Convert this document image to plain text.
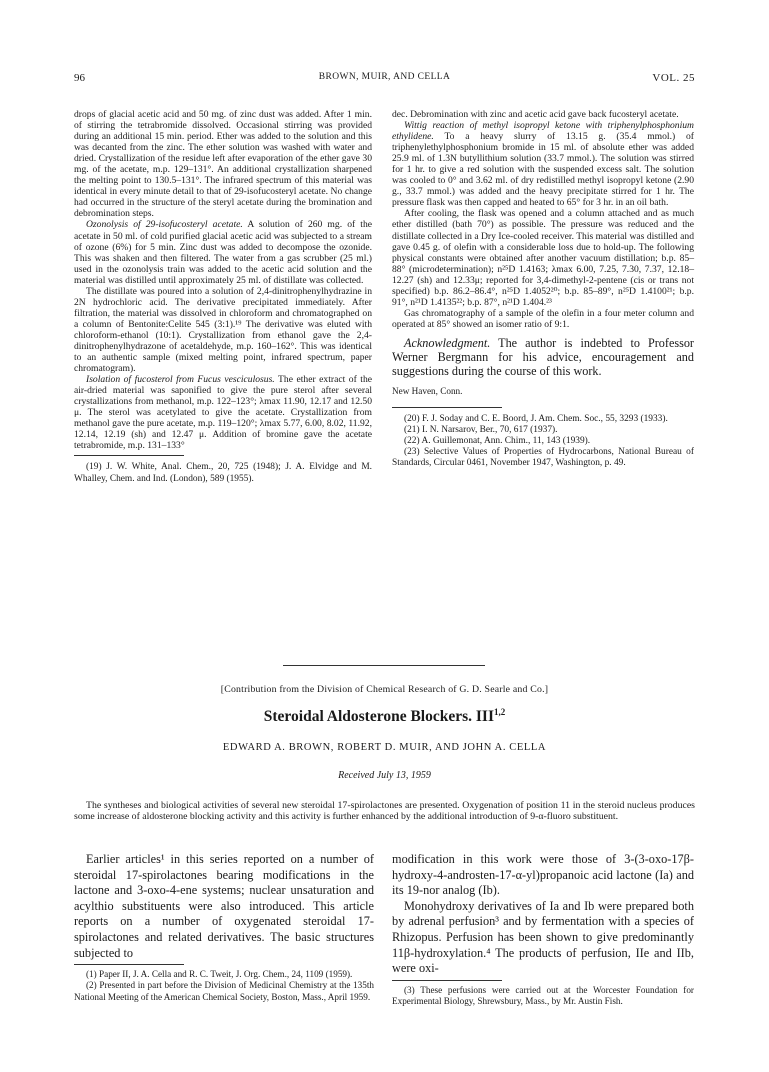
96	BROWN, MUIR, AND CELLA	VOL. 25

drops of glacial acetic acid and 50 mg. of zinc dust was added. After 1 min. of stirring the tetrabromide dissolved. Occasional stirring was provided during an additional 15 min. period. Ether was added to the solution and this was decanted from the zinc. The ether solution was washed with water and dried. Crystallization of the residue left after evaporation of the ether gave 30 mg. of the acetate, m.p. 129–131°. An additional crystallization sharpened the melting point to 130.5–131°. The infrared spectrum of this material was identical in every minute detail to that of 29-isofucosteryl acetate. No change had occurred in the structure of the steryl acetate during the bromination and debromination steps.

Ozonolysis of 29-isofucosteryl acetate. A solution of 260 mg. of the acetate in 50 ml. of cold purified glacial acetic acid was subjected to a stream of ozone (6%) for 5 min. Zinc dust was added to decompose the ozonide. This was shaken and then filtered. The water from a gas scrubber (25 ml.) used in the ozonolysis train was added to the acetic acid solution and the material was distilled until approximately 25 ml. of distillate was collected.

The distillate was poured into a solution of 2,4-dinitrophenylhydrazine in 2N hydrochloric acid. The derivative precipitated immediately. After filtration, the material was dissolved in chloroform and chromatographed on a column of Bentonite:Celite 545 (3:1).¹⁹ The derivative was eluted with chloroform-ethanol (10:1). Crystallization from ethanol gave the 2,4-dinitrophenylhydrazone of acetaldehyde, m.p. 160–162°. This was identical to an authentic sample (mixed melting point, infrared spectrum, paper chromatogram).

Isolation of fucosterol from Fucus vesciculosus. The ether extract of the air-dried material was saponified to give the pure sterol after several crystallizations from methanol, m.p. 122–123°; λmax 11.90, 12.17 and 12.50 μ. The sterol was acetylated to give the acetate. Crystallization from methanol gave the pure acetate, m.p. 119–120°; λmax 5.77, 6.00, 8.02, 11.92, 12.14, 12.19 (sh) and 12.47 μ. Addition of bromine gave the acetate tetrabromide, m.p. 131–133°

(19) J. W. White, Anal. Chem., 20, 725 (1948); J. A. Elvidge and M. Whalley, Chem. and Ind. (London), 589 (1955).

dec. Debromination with zinc and acetic acid gave back fucosteryl acetate.

Wittig reaction of methyl isopropyl ketone with triphenylphosphonium ethylidene. To a heavy slurry of 13.15 g. (35.4 mmol.) of triphenylethylphosphonium bromide in 15 ml. of absolute ether was added 25.9 ml. of 1.3N butyllithium solution (33.7 mmol.). The solution was stirred for 1 hr. to give a red solution with the suspended excess salt. The solution was cooled to 0° and 3.62 ml. of dry redistilled methyl isopropyl ketone (2.90 g., 33.7 mmol.) was added and the heavy precipitate stirred for 1 hr. The pressure flask was then capped and heated to 65° for 3 hr. in an oil bath.

After cooling, the flask was opened and a column attached and as much ether distilled (bath 70°) as possible. The pressure was reduced and the distillate collected in a Dry Ice-cooled receiver. This material was distilled and gave 0.45 g. of olefin with a considerable loss due to hold-up. The following physical constants were obtained after another vacuum distillation; b.p. 85–88° (microdetermination); n²⁵D 1.4163; λmax 6.00, 7.25, 7.30, 7.37, 12.18–12.27 (sh) and 12.33μ; reported for 3,4-dimethyl-2-pentene (cis or trans not specified) b.p. 86.2–86.4°, n²⁵D 1.4052²⁰; b.p. 85–89°, n²⁵D 1.4100²¹; b.p. 91°, n²¹D 1.4135²²; b.p. 87°, n²¹D 1.404.²³

Gas chromatography of a sample of the olefin in a four meter column and operated at 85° showed an isomer ratio of 9:1.

Acknowledgment. The author is indebted to Professor Werner Bergmann for his advice, encouragement and suggestions during the course of this work.

New Haven, Conn.

(20) F. J. Soday and C. E. Boord, J. Am. Chem. Soc., 55, 3293 (1933).

(21) I. N. Narsarov, Ber., 70, 617 (1937).

(22) A. Guillemonat, Ann. Chim., 11, 143 (1939).

(23) Selective Values of Properties of Hydrocarbons, National Bureau of Standards, Circular 0461, November 1947, Washington, p. 49.

[Contribution from the Division of Chemical Research of G. D. Searle and Co.]
Steroidal Aldosterone Blockers. III$^{1,2}$
EDWARD A. BROWN, ROBERT D. MUIR, AND JOHN A. CELLA
Received July 13, 1959
The syntheses and biological activities of several new steroidal 17-spirolactones are presented. Oxygenation of position 11 in the steroid nucleus produces some increase of aldosterone blocking activity and this activity is further enhanced by the additional introduction of 9-α-fluoro substituent.

Earlier articles¹ in this series reported on a number of steroidal 17-spirolactones bearing modifications in the lactone and 3-oxo-4-ene systems; nuclear unsaturation and acylthio substituents were also introduced. This article reports on a number of oxygenated steroidal 17-spirolactones and related derivatives. The basic structures subjected to

(1) Paper II, J. A. Cella and R. C. Tweit, J. Org. Chem., 24, 1109 (1959).

(2) Presented in part before the Division of Medicinal Chemistry at the 135th National Meeting of the American Chemical Society, Boston, Mass., April 1959.

modification in this work were those of 3-(3-oxo-17β-hydroxy-4-androsten-17-α-yl)propanoic acid lactone (Ia) and its 19-nor analog (Ib).

Monohydroxy derivatives of Ia and Ib were prepared both by adrenal perfusion³ and by fermentation with a species of Rhizopus. Perfusion has been shown to give predominantly 11β-hydroxylation.⁴ The products of perfusion, IIe and IIb, were oxi-

(3) These perfusions were carried out at the Worcester Foundation for Experimental Biology, Shrewsbury, Mass., by Mr. Austin Fish.
